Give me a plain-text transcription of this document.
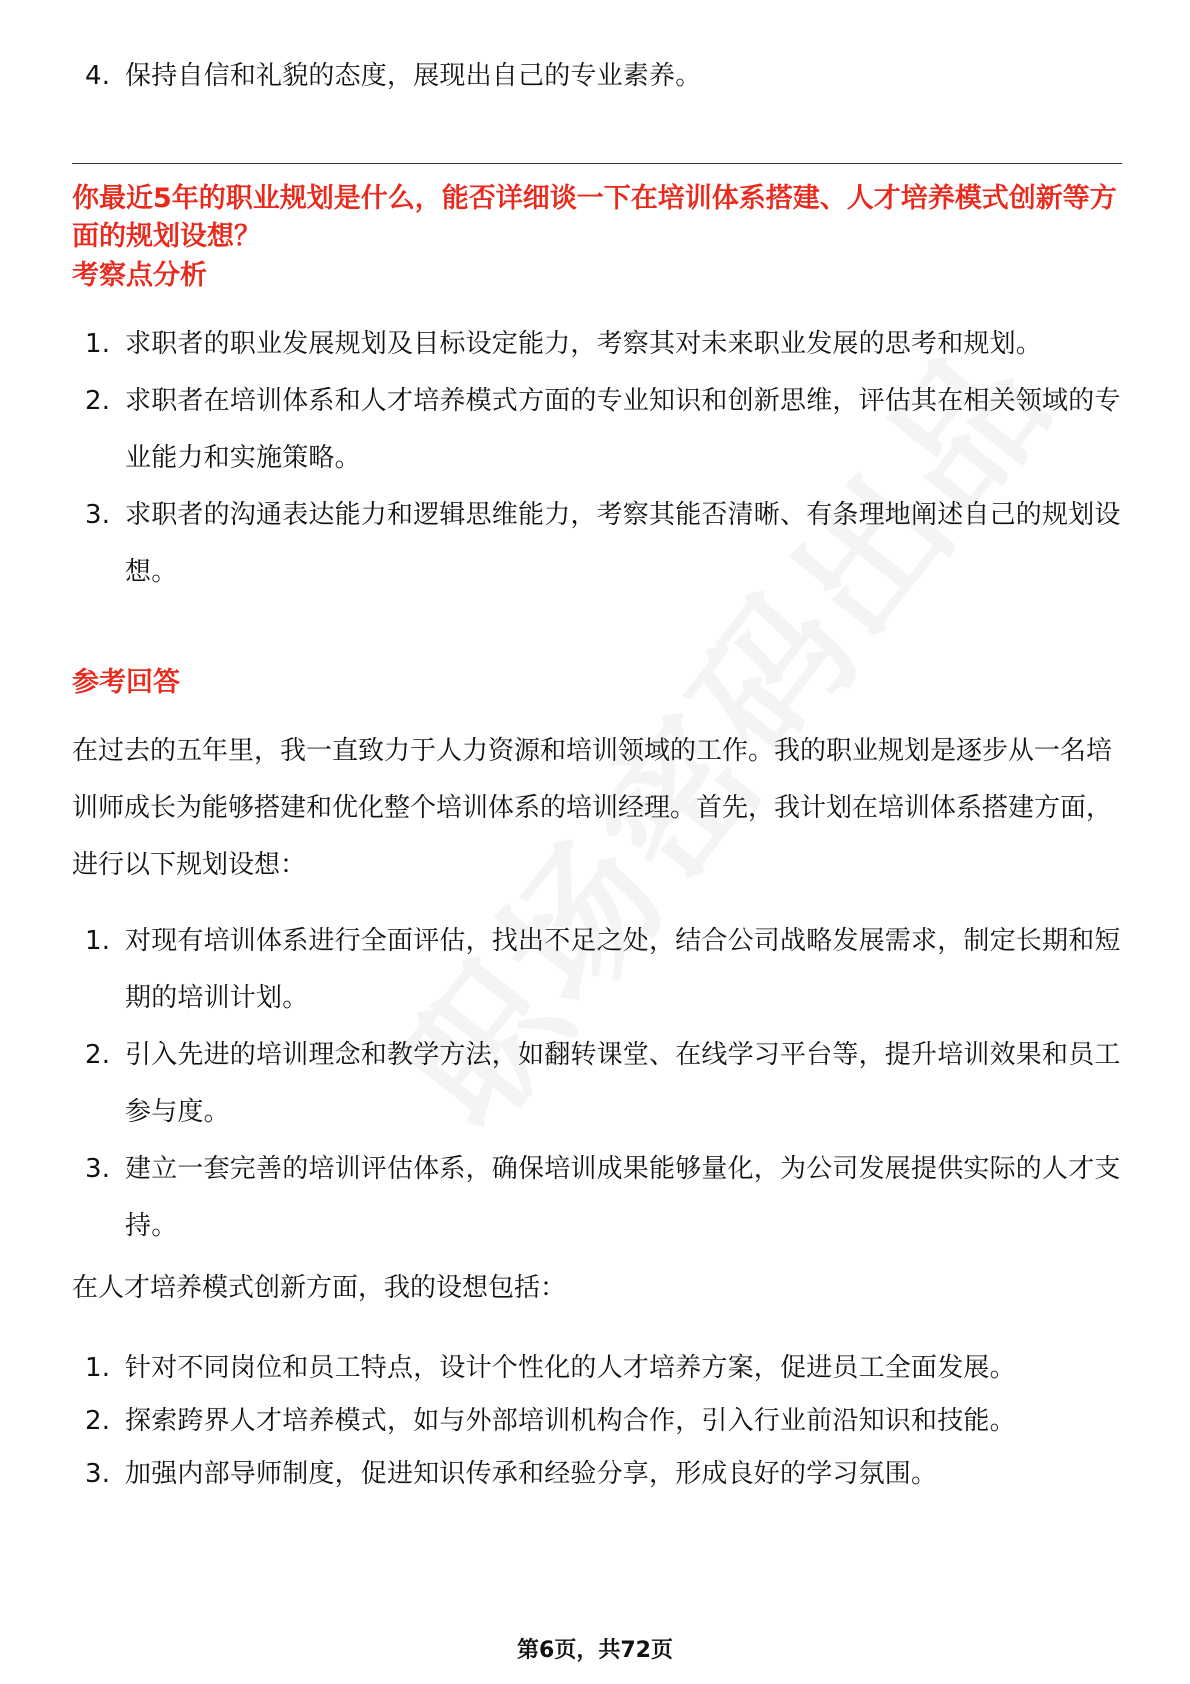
4. 保持自信和礼貌的态度，展现出自己的专业素养。

你最近5年的职业规划是什么，能否详细谈一下在培训体系搭建、人才培养模式创新等方面的规划设想？

考察点分析
1. 求职者的职业发展规划及目标设定能力，考察其对未来职业发展的思考和规划。
2. 求职者在培训体系和人才培养模式方面的专业知识和创新思维，评估其在相关领域的专业能力和实施策略。
3. 求职者的沟通表达能力和逻辑思维能力，考察其能否清晰、有条理地阐述自己的规划设想。
参考回答

在过去的五年里，我一直致力于人力资源和培训领域的工作。我的职业规划是逐步从一名培训师成长为能够搭建和优化整个培训体系的培训经理。首先，我计划在培训体系搭建方面，进行以下规划设想：

1. 对现有培训体系进行全面评估，找出不足之处，结合公司战略发展需求，制定长期和短期的培训计划。
2. 引入先进的培训理念和教学方法，如翻转课堂、在线学习平台等，提升培训效果和员工参与度。
3. 建立一套完善的培训评估体系，确保培训成果能够量化，为公司发展提供实际的人才支持。

在人才培养模式创新方面，我的设想包括：

1. 针对不同岗位和员工特点，设计个性化的人才培养方案，促进员工全面发展。
2. 探索跨界人才培养模式，如与外部培训机构合作，引入行业前沿知识和技能。
3. 加强内部导师制度，促进知识传承和经验分享，形成良好的学习氛围。
第6页，共72页
